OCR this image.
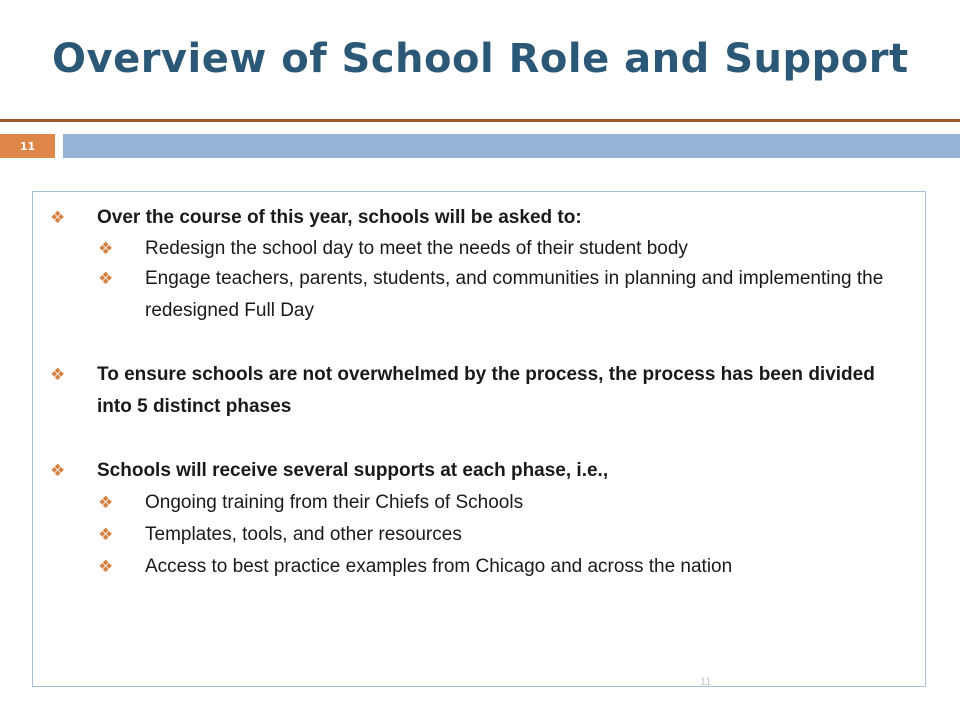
Overview of School Role and Support
11
❖ Over the course of this year, schools will be asked to:
❖ Redesign the school day to meet the needs of their student body
❖ Engage teachers, parents, students, and communities in planning and implementing the redesigned Full Day
❖ To ensure schools are not overwhelmed by the process, the process has been divided into 5 distinct phases
❖ Schools will receive several supports at each phase, i.e.,
❖ Ongoing training from their Chiefs of Schools
❖ Templates, tools, and other resources
❖ Access to best practice examples from Chicago and across the nation
11
